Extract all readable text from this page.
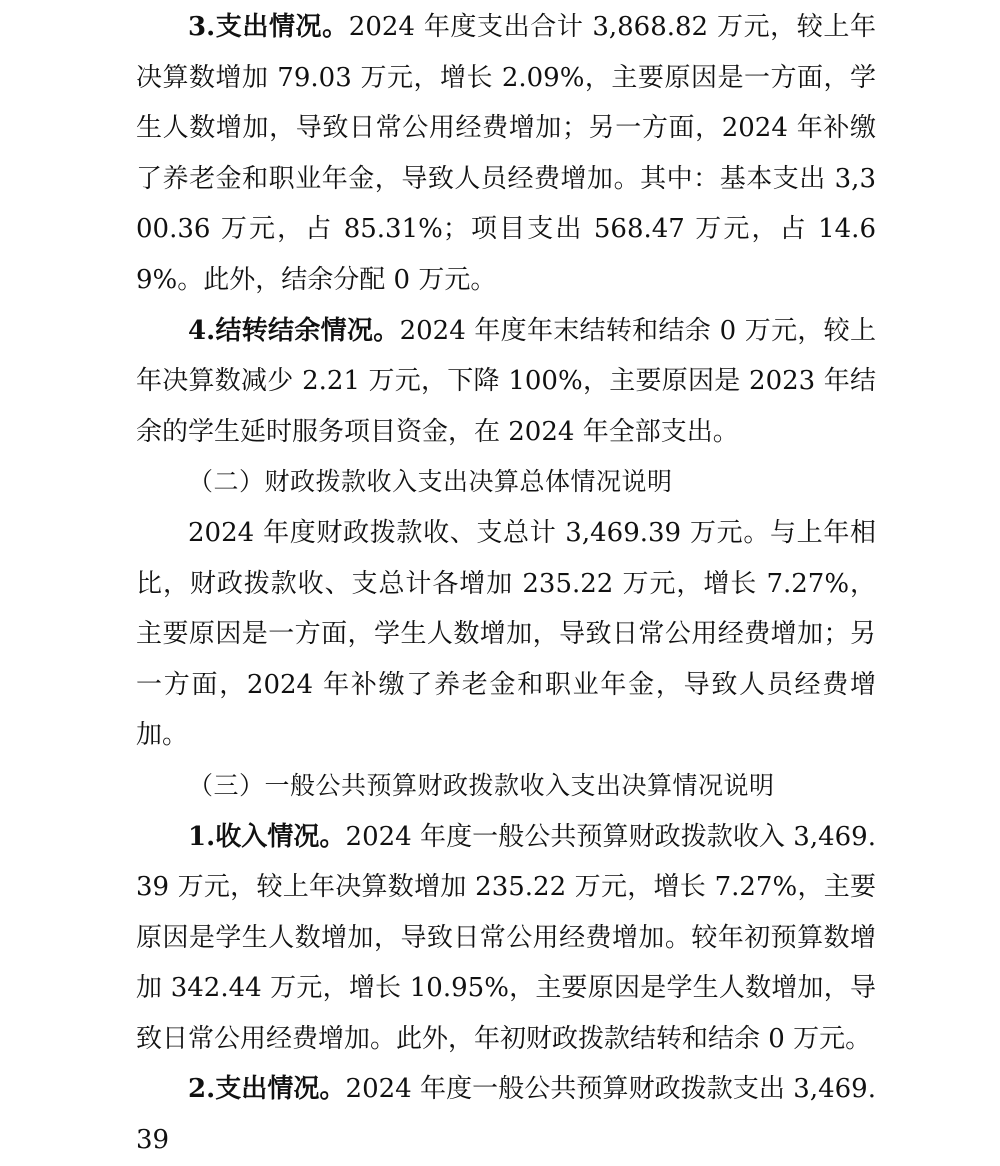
3.支出情况。2024 年度支出合计 3,868.82 万元，较上年决算数增加 79.03 万元，增长 2.09%，主要原因是一方面，学生人数增加，导致日常公用经费增加；另一方面，2024 年补缴了养老金和职业年金，导致人员经费增加。其中：基本支出 3,300.36 万元，占 85.31%；项目支出 568.47 万元，占 14.69%。此外，结余分配 0 万元。

4.结转结余情况。2024 年度年末结转和结余 0 万元，较上年决算数减少 2.21 万元，下降 100%，主要原因是 2023 年结余的学生延时服务项目资金，在 2024 年全部支出。

（二）财政拨款收入支出决算总体情况说明

2024 年度财政拨款收、支总计 3,469.39 万元。与上年相比，财政拨款收、支总计各增加 235.22 万元，增长 7.27%，主要原因是一方面，学生人数增加，导致日常公用经费增加；另一方面，2024 年补缴了养老金和职业年金，导致人员经费增加。

（三）一般公共预算财政拨款收入支出决算情况说明

1.收入情况。2024 年度一般公共预算财政拨款收入 3,469.39 万元，较上年决算数增加 235.22 万元，增长 7.27%，主要原因是学生人数增加，导致日常公用经费增加。较年初预算数增加 342.44 万元，增长 10.95%，主要原因是学生人数增加，导致日常公用经费增加。此外，年初财政拨款结转和结余 0 万元。

2.支出情况。2024 年度一般公共预算财政拨款支出 3,469.39
